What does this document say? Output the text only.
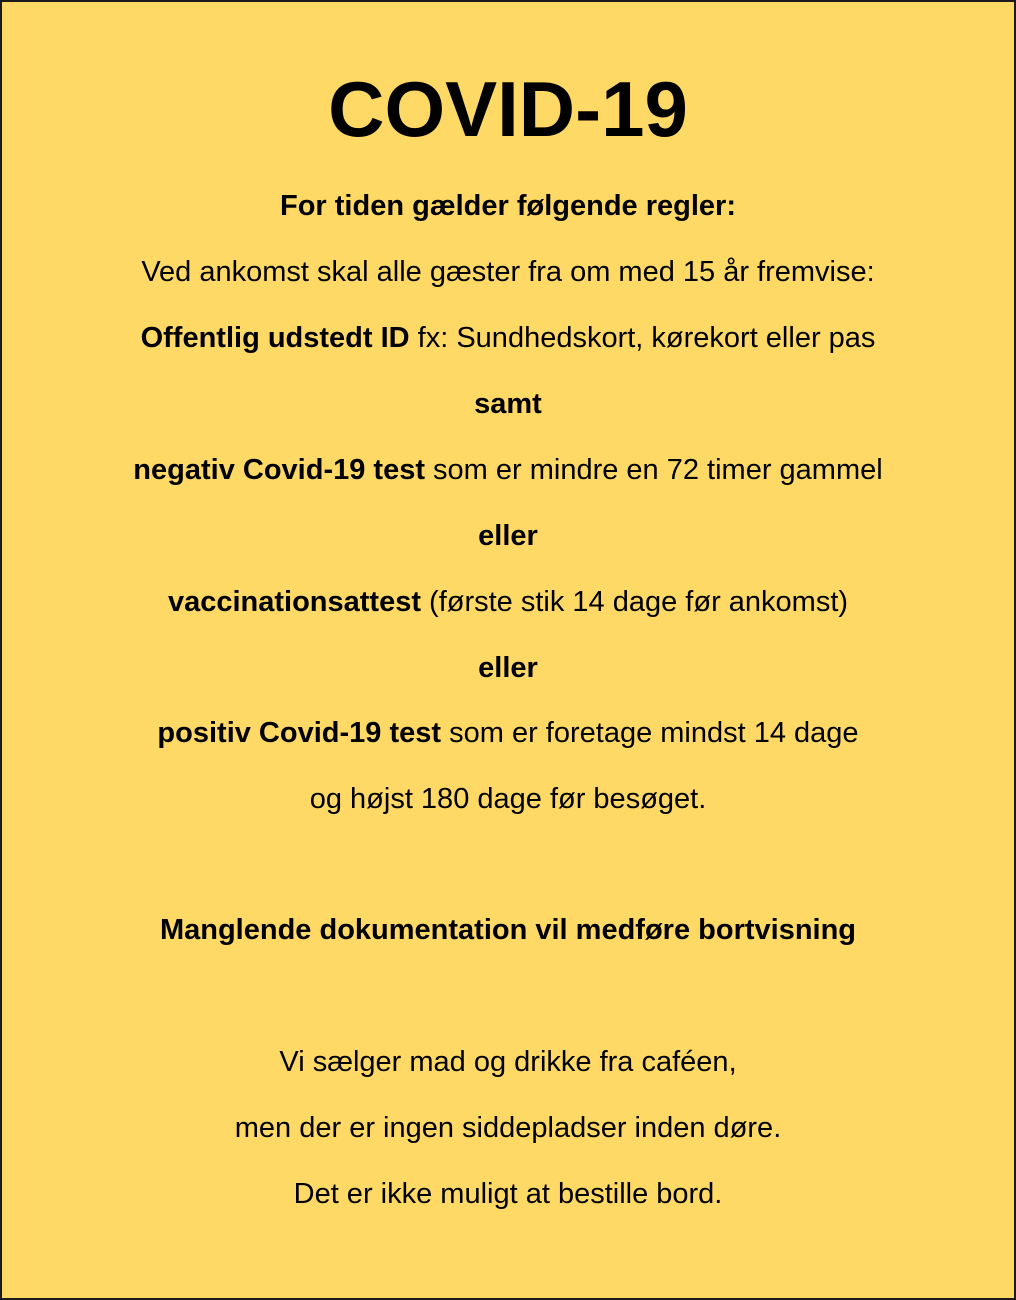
COVID-19
For tiden gælder følgende regler:
Ved ankomst skal alle gæster fra om med 15 år fremvise:
Offentlig udstedt ID fx: Sundhedskort, kørekort eller pas
samt
negativ Covid-19 test som er mindre en 72 timer gammel
eller
vaccinationsattest (første stik 14 dage før ankomst)
eller
positiv Covid-19 test som er foretage mindst 14 dage
og højst 180 dage før besøget.
Manglende dokumentation vil medføre bortvisning
Vi sælger mad og drikke fra caféen,
men der er ingen siddepladser inden døre.
Det er ikke muligt at bestille bord.
